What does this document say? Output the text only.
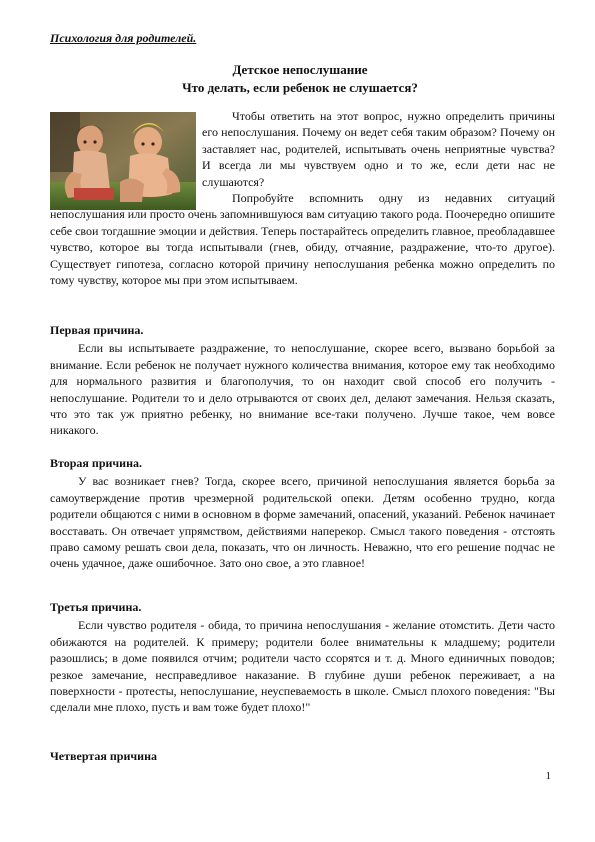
Психология для родителей.
Детское непослушание
Что делать, если ребенок не слушается?

Чтобы ответить на этот вопрос, нужно определить причины его непослушания. Почему он ведет себя таким образом? Почему он заставляет нас, родителей, испытывать очень неприятные чувства? И всегда ли мы чувствуем одно и то же, если дети нас не слушаются?

Попробуйте вспомнить одну из недавних ситуаций непослушания или просто очень запомнившуюся вам ситуацию такого рода. Поочередно опишите себе свои тогдашние эмоции и действия. Теперь постарайтесь определить главное, преобладавшее чувство, которое вы тогда испытывали (гнев, обиду, отчаяние, раздражение, что-то другое). Существует гипотеза, согласно которой причину непослушания ребенка можно определить по тому чувству, которое мы при этом испытываем.

Первая причина.

Если вы испытываете раздражение, то непослушание, скорее всего, вызвано борьбой за внимание. Если ребенок не получает нужного количества внимания, которое ему так необходимо для нормального развития и благополучия, то он находит свой способ его получить - непослушание. Родители то и дело отрываются от своих дел, делают замечания. Нельзя сказать, что это так уж приятно ребенку, но внимание все-таки получено. Лучше такое, чем вовсе никакого.

Вторая причина.

У вас возникает гнев? Тогда, скорее всего, причиной непослушания является борьба за самоутверждение против чрезмерной родительской опеки. Детям особенно трудно, когда родители общаются с ними в основном в форме замечаний, опасений, указаний. Ребенок начинает восставать. Он отвечает упрямством, действиями наперекор. Смысл такого поведения - отстоять право самому решать свои дела, показать, что он личность. Неважно, что его решение подчас не очень удачное, даже ошибочное. Зато оно свое, а это главное!

Третья причина.

Если чувство родителя - обида, то причина непослушания - желание отомстить. Дети часто обижаются на родителей. К примеру; родители более внимательны к младшему; родители разошлись; в доме появился отчим; родители часто ссорятся и т. д. Много единичных поводов; резкое замечание, несправедливое наказание. В глубине души ребенок переживает, а на поверхности - протесты, непослушание, неуспеваемость в школе. Смысл плохого поведения: "Вы сделали мне плохо, пусть и вам тоже будет плохо!"

Четвертая причина
1
